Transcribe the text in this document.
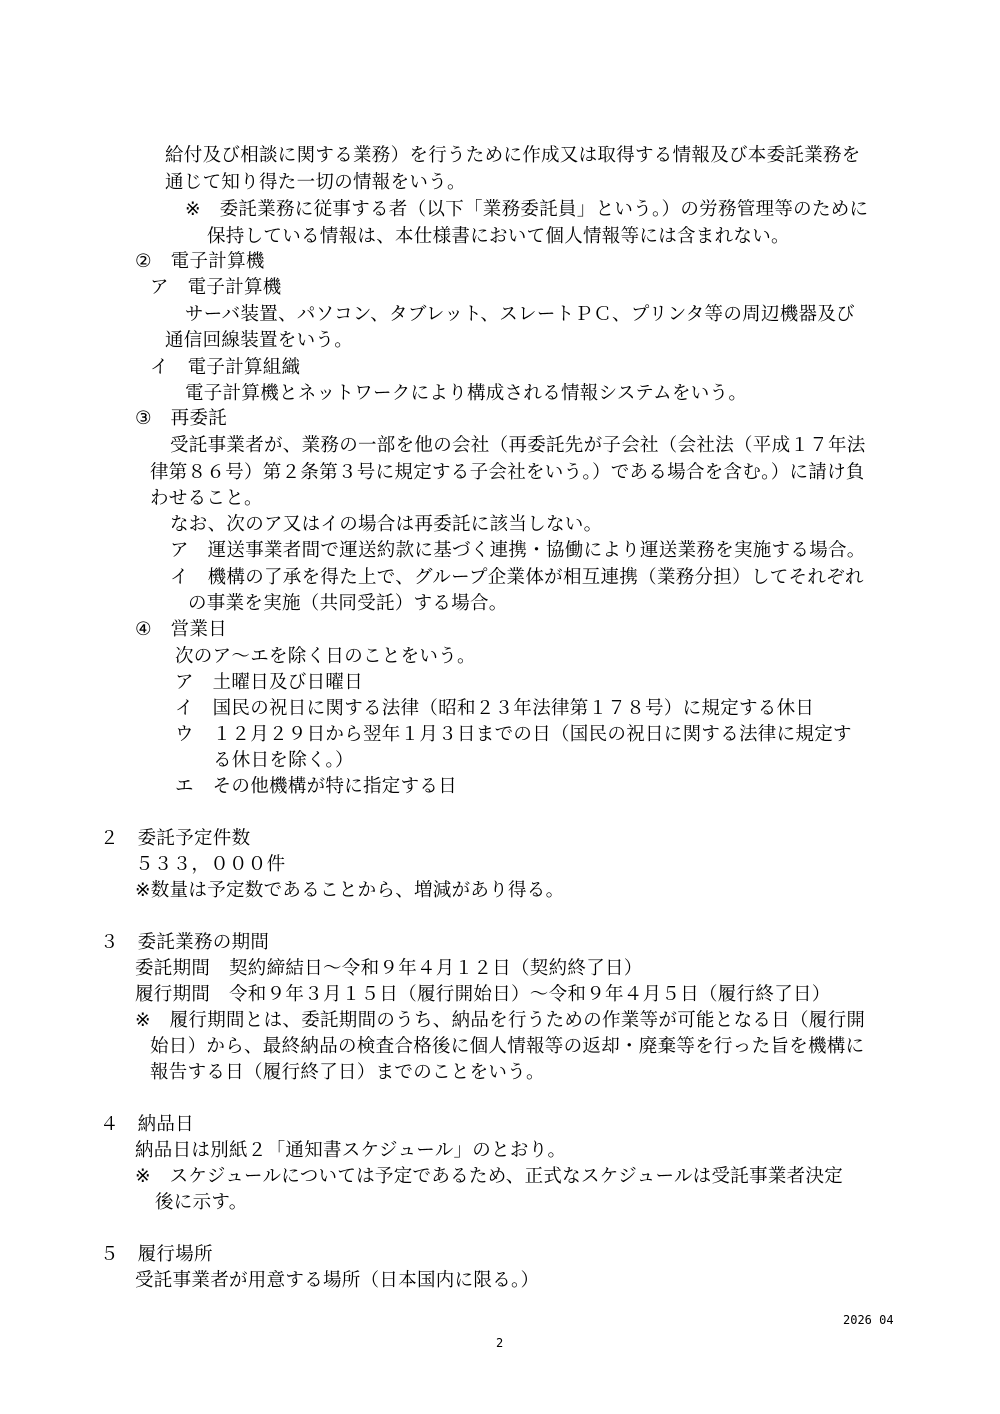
給付及び相談に関する業務）を行うために作成又は取得する情報及び本委託業務を
通じて知り得た一切の情報をいう。
※　委託業務に従事する者（以下「業務委託員」という。）の労務管理等のために
保持している情報は、本仕様書において個人情報等には含まれない。
②　電子計算機
ア　電子計算機
サーバ装置、パソコン、タブレット、スレートＰＣ、プリンタ等の周辺機器及び
通信回線装置をいう。
イ　電子計算組織
電子計算機とネットワークにより構成される情報システムをいう。
③　再委託
受託事業者が、業務の一部を他の会社（再委託先が子会社（会社法（平成１７年法
律第８６号）第２条第３号に規定する子会社をいう。）である場合を含む。）に請け負
わせること。
なお、次のア又はイの場合は再委託に該当しない。
ア　運送事業者間で運送約款に基づく連携・協働により運送業務を実施する場合。
イ　機構の了承を得た上で、グループ企業体が相互連携（業務分担）してそれぞれ
の事業を実施（共同受託）する場合。
④　営業日
次のア～エを除く日のことをいう。
ア　土曜日及び日曜日
イ　国民の祝日に関する法律（昭和２３年法律第１７８号）に規定する休日
ウ　１２月２９日から翌年１月３日までの日（国民の祝日に関する法律に規定す
る休日を除く。）
エ　その他機構が特に指定する日
２　委託予定件数
５３３，０００件
※数量は予定数であることから、増減があり得る。
３　委託業務の期間
委託期間　契約締結日～令和９年４月１２日（契約終了日）
履行期間　令和９年３月１５日（履行開始日）～令和９年４月５日（履行終了日）
※　履行期間とは、委託期間のうち、納品を行うための作業等が可能となる日（履行開
始日）から、最終納品の検査合格後に個人情報等の返却・廃棄等を行った旨を機構に
報告する日（履行終了日）までのことをいう。
４　納品日
納品日は別紙２「通知書スケジュール」のとおり。
※　スケジュールについては予定であるため、正式なスケジュールは受託事業者決定
後に示す。
５　履行場所
受託事業者が用意する場所（日本国内に限る。）
2026 04
2
